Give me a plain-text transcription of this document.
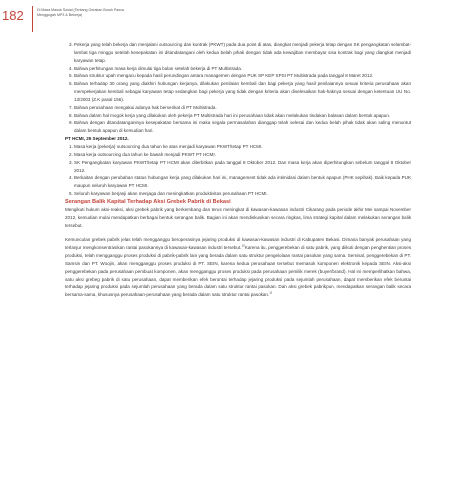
182	Di Masa Masuk Sosial (Tentang Gerakan Buruh Pasca
Menggugah MP3 & Bekerja)
3. Pekerja yang telah bekerja dan menjalani outsourcing dan kontrak (PKWT) pada dua point di atas, diangkat menjadi pekerja tetap dengan SK pengangkatan selambat-lambat tiga minggu setelah kesepakatan ini ditandatangani oleh kedua belah pihak dengan tidak ada kewajiban membayar sisa kontrak bagi yang diangkat menjadi karyawan tetap.
4. Bahwa perhitungan masa kerja dimulai tiga bulan setelah bekerja di PT Multistrada.
5. Bahwa struktur upah mengacu kepada hasil perundingan antara managemen dengan PUK SP KEP SPSI PT Multistrada pada tanggal 8 Maret 2012.
6. Bahwa terhadap 30 orang yang diakhiri hubungan kerjanya, dilakukan penilaian kembali dan bagi pekerja yang hasil penilaiannya sesuai kriteria perusahaan akan mempekerjakan kembali sebagai karyawan tetap sedangkan bagi pekerja yang tidak dengan kriteria akan diselesaikan hak-haknya sesuai dengan ketentuan UU No. 13/2003 (Z.K pasal 156).
7. Bahwa perusahaan mengakui adanya hak berserikat di PT Multistrada.
8. Bahwa dalam hal mogok kerja yang dilakukan oleh pekerja PT Multistrada hari ini perusahaan tidak akan melakukan tindakan balasan dalam bentuk apapun.
9. Bahwa dengan ditandatanganinya kesepakatan bersama ini maka segala permasalahan dianggap telah selesai dan kedua belah pihak tidak akan saling menuntut dalam bentuk apapun di kemudian hari.

PT HCMI, 25 September 2012.

1. Masa kerja (pekerja) outsourcing dua tahun ke atas menjadi karyawan PKWT/tetap PT HCMI.
2. Masa kerja outsourcing dua tahun ke bawah menjadi PKWT PT HCMI.
3. SK Pengangkatan karyawan PKWT/tetap PT HCMI akan diterbitkan pada tanggal 8 Oktober 2012. Dan masa kerja akan diperhitungkan sebelum tanggal 8 Oktober 2012.
4. Berkaitan dengan perubahan status hubungan kerja yang dilakukan hari ini, management tidak ada intimidasi dalam bentuk apapun (PHK sepihak). Baik kepada PUK maupun seluruh karyawan PT HCMI.
5. Seluruh karyawan berjanji akan menjaga dan meningkatkan produktivitas perusahaan PT HCMI.

Serangan Balik Kapital Terhadap Aksi Grebek Pabrik di Bekasi

Mengikuti hukum aksi-reaksi, aksi grebek pabrik yang berkembang dan terus meningkat di kawasan-kawasan industri Cikarang pada periode akhir Mei sampai November 2012, kemudian mulai mendapatkan berbagai bentuk serangan balik. Bagian ini akan mendiskusikan secara ringkas, lima strategi kapital dalam melakukan serangan balik tersebut.

Kemunculan grebek pabrik jelas telah mengganggu beroperasinya jejaring produksi di kawasan-kawasan industri di Kabupaten Bekasi. Dimana banyak perusahaan yang terlanjur mengkonsentrasikan rantai pasokannya di kawasan-kawasan industri tersebut.$^{10}$Karena itu, penggerebekan di satu pabrik, yang diikuti dengan penghentian proses produksi, telah mengganggu proses produksi di pabrik-pabrik lain yang berada dalam satu struktur pengelolaan rantai pasokan yang sama. Semisal, penggerebekan di PT. Samsin dan PT. Woojin, akan mengganggu proses produksi di PT. SEIN, karena kedua perusahaan tersebut memasok komponen elektronik kepada SEIN. Aksi-aksi penggerebekan pada perusahaan pembuat komponen, akan mengganggu proses produksi pada perusahaan pemilik merek (buyer/brand). Hal ini memperlihatkan bahwa, satu aksi grebeg pabrik di satu perusahaan, dapat memberikan efek beruntai terhadap jejaring produksi pada sejumlah perusahaan, dapat memberikan efek beruntai terhadap jejaring produksi pada sejumlah perusahaan yang berada dalam satu struktur rantai pasokan. Dan aksi grebek pabrikpun, mendapatkan serangan balik secara bersama-sama, khususnya perusahaan-perusahaan yang berada dalam satu struktur rantai pasokan.$^{11}$
